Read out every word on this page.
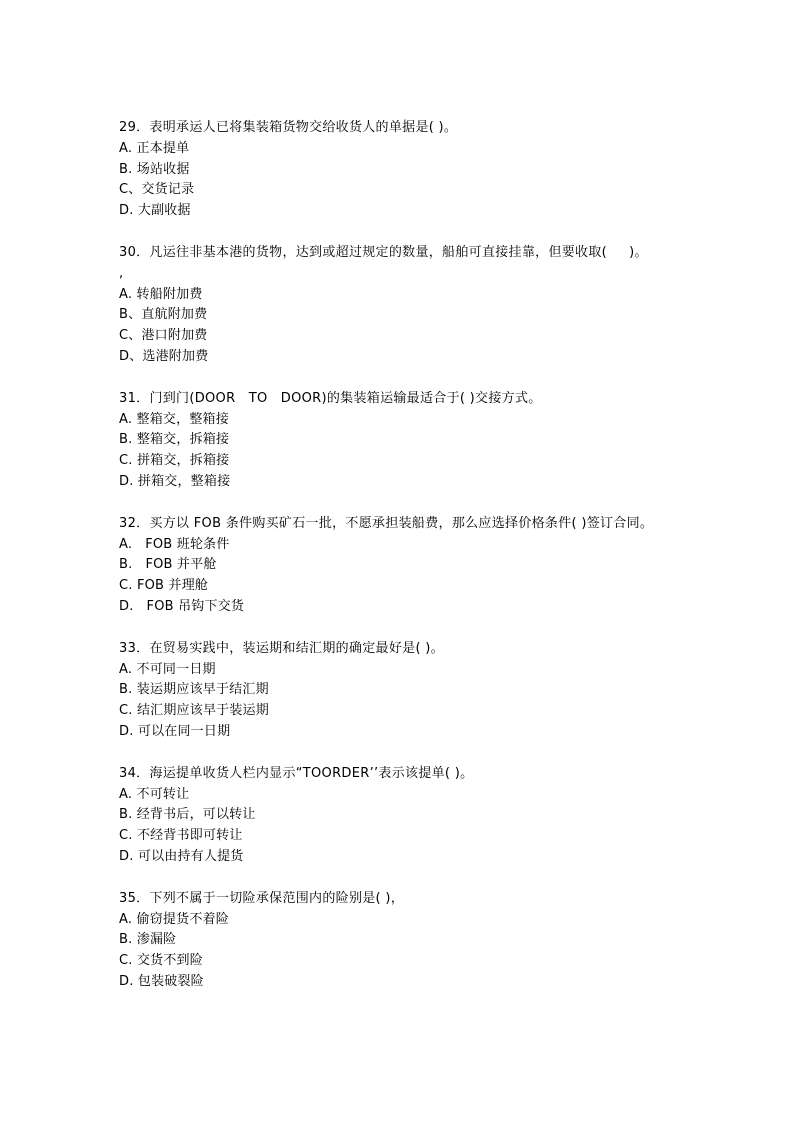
29．表明承运人已将集装箱货物交给收货人的单据是( )。
A. 正本提单
B. 场站收据
C、交货记录
D. 大副收据
30．凡运往非基本港的货物，达到或超过规定的数量，船舶可直接挂靠，但要收取(     )。
,
A. 转船附加费
B、直航附加费
C、港口附加费
D、选港附加费
31．门到门(DOOR   TO   DOOR)的集装箱运输最适合于( )交接方式。
A. 整箱交，整箱接
B. 整箱交，拆箱接
C. 拼箱交，拆箱接
D. 拼箱交，整箱接
32．买方以 FOB 条件购买矿石一批，不愿承担装船费，那么应选择价格条件( )签订合同。
A.   FOB 班轮条件
B.   FOB 并平舱
C. FOB 并理舱
D.   FOB 吊钩下交货
33．在贸易实践中，装运期和结汇期的确定最好是( )。
A. 不可同一日期
B. 装运期应该早于结汇期
C. 结汇期应该早于装运期
D. 可以在同一日期
34．海运提单收货人栏内显示“TOORDER’’表示该提单( )。
A. 不可转让
B. 经背书后，可以转让
C. 不经背书即可转让
D. 可以由持有人提货
35．下列不属于一切险承保范围内的险别是( )，
A. 偷窃提货不着险
B. 渗漏险
C. 交货不到险
D. 包装破裂险
